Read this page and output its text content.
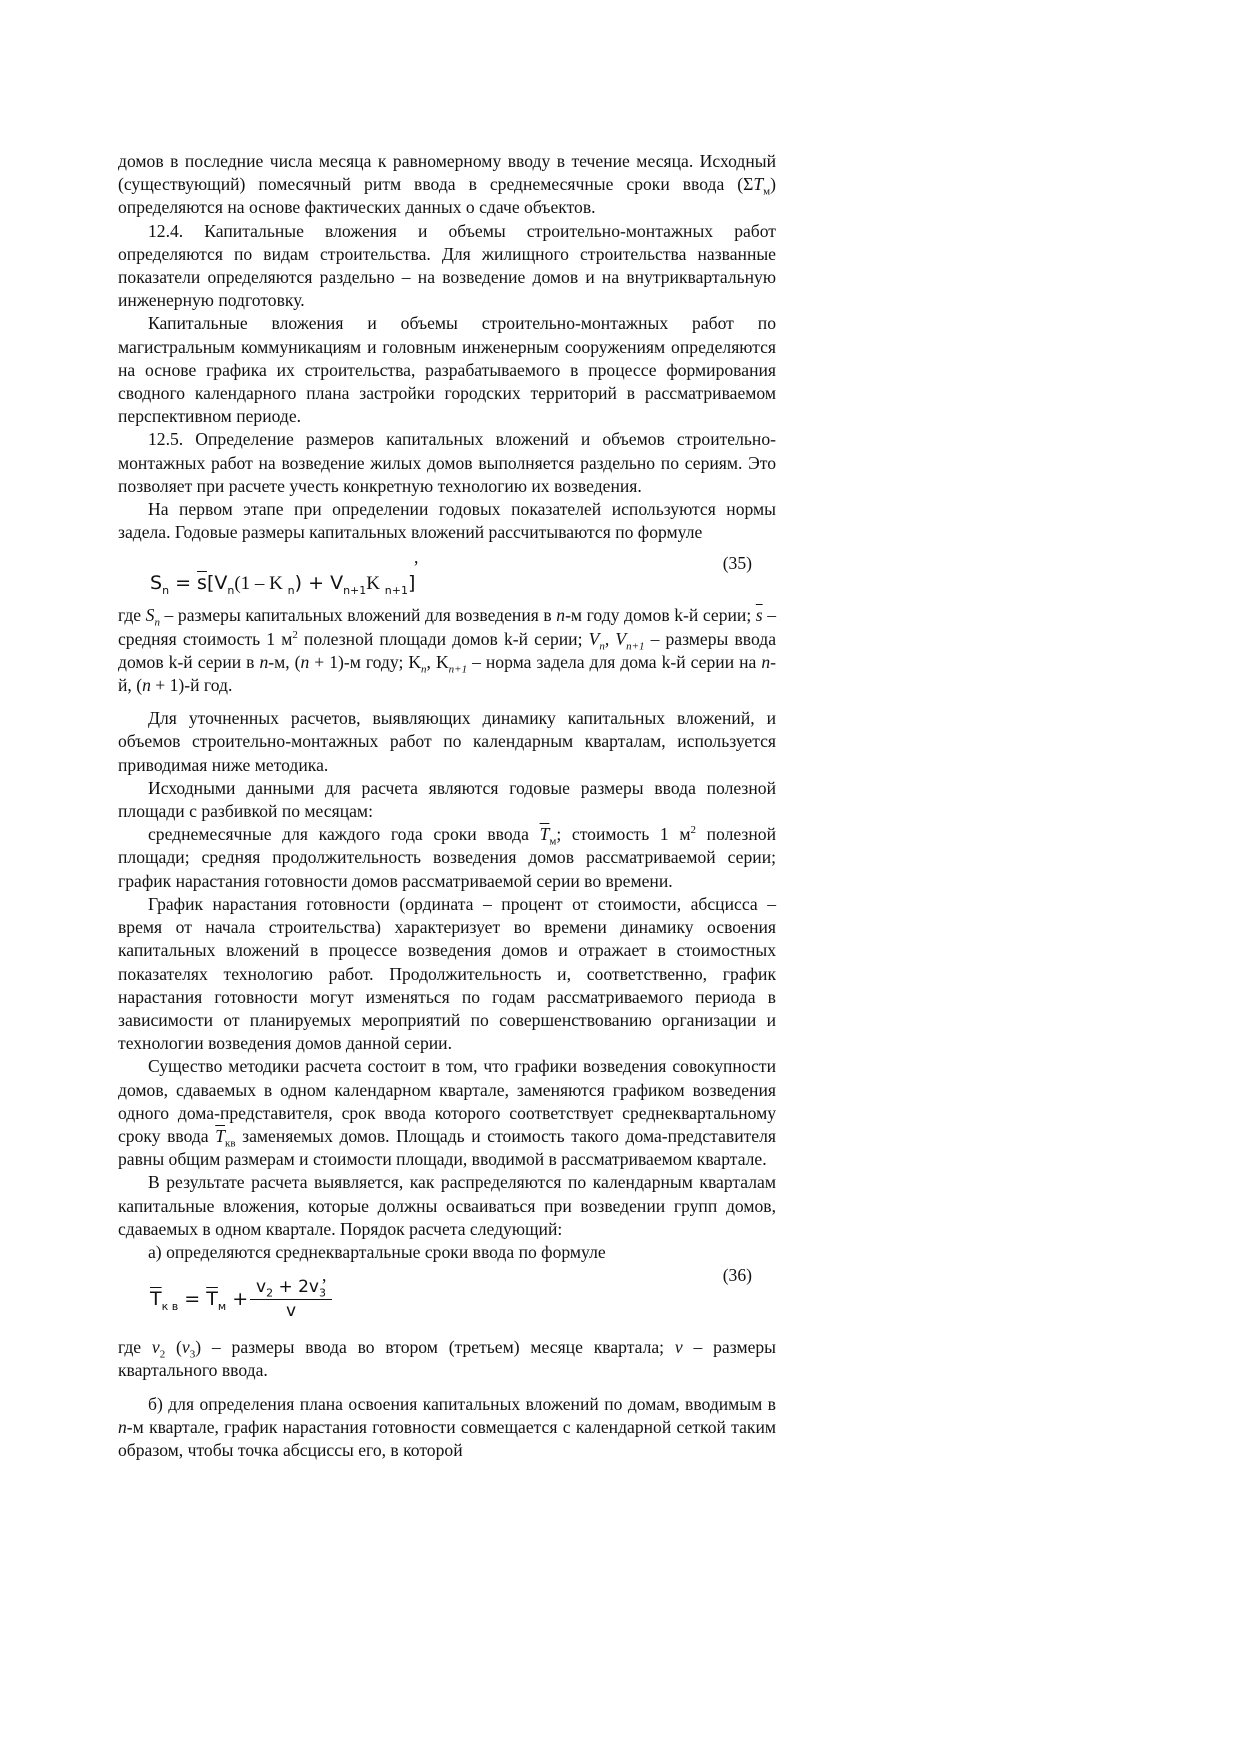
домов в последние числа месяца к равномерному вводу в течение месяца. Исходный (существующий) помесячный ритм ввода в среднемесячные сроки ввода $(\Sigma T_м)$ определяются на основе фактических данных о сдаче объектов.

12.4. Капитальные вложения и объемы строительно-монтажных работ определяются по видам строительства. Для жилищного строительства названные показатели определяются раздельно – на возведение домов и на внутриквартальную инженерную подготовку.

Капитальные вложения и объемы строительно-монтажных работ по магистральным коммуникациям и головным инженерным сооружениям определяются на основе графика их строительства, разрабатываемого в процессе формирования сводного календарного плана застройки городских территорий в рассматриваемом перспективном периоде.

12.5. Определение размеров капитальных вложений и объемов строительно-монтажных работ на возведение жилых домов выполняется раздельно по сериям. Это позволяет при расчете учесть конкретную технологию их возведения.

На первом этапе при определении годовых показателей используются нормы задела. Годовые размеры капитальных вложений рассчитываются по формуле

,	(35)
$S_n = \overline{s}[V_n(1 - K$ $_n) + V_{n+1}K$ $_{n+1}$]

где $S_n$ – размеры капитальных вложений для возведения в n-м году домов k-й серии; $\overline{s}$ – средняя стоимость 1 $м^2$ полезной площади домов k-й серии; $V_n$, $V_{n+1}$ – размеры ввода домов k-й серии в n-м, (n + 1)-м году; $K_n$, $K_{n+1}$ – норма задела для дома k-й серии на n-й, (n + 1)-й год.

Для уточненных расчетов, выявляющих динамику капитальных вложений, и объемов строительно-монтажных работ по календарным кварталам, используется приводимая ниже методика.

Исходными данными для расчета являются годовые размеры ввода полезной площади с разбивкой по месяцам:

среднемесячные для каждого года сроки ввода $\overline{T}_м$; стоимость 1 $м^2$ полезной площади; средняя продолжительность возведения домов рассматриваемой серии; график нарастания готовности домов рассматриваемой серии во времени.

График нарастания готовности (ордината – процент от стоимости, абсцисса – время от начала строительства) характеризует во времени динамику освоения капитальных вложений в процессе возведения домов и отражает в стоимостных показателях технологию работ. Продолжительность и, соответственно, график нарастания готовности могут изменяться по годам рассматриваемого периода в зависимости от планируемых мероприятий по совершенствованию организации и технологии возведения домов данной серии.

Существо методики расчета состоит в том, что графики возведения совокупности домов, сдаваемых в одном календарном квартале, заменяются графиком возведения одного дома-представителя, срок ввода которого соответствует среднеквартальному сроку ввода $\overline{T}_{кв}$ заменяемых домов. Площадь и стоимость такого дома-представителя равны общим размерам и стоимости площади, вводимой в рассматриваемом квартале.

В результате расчета выявляется, как распределяются по календарным кварталам капитальные вложения, которые должны осваиваться при возведении групп домов, сдаваемых в одном квартале. Порядок расчета следующий:

а) определяются среднеквартальные сроки ввода по формуле

,	(36)
$\overline{T}_{к в} = \overline{T}_м + \frac{v_2 + 2v_3}{v}$

где $v_2$ $(v_3)$ – размеры ввода во втором (третьем) месяце квартала; v – размеры квартального ввода.

б) для определения плана освоения капитальных вложений по домам, вводимым в n-м квартале, график нарастания готовности совмещается с календарной сеткой таким образом, чтобы точка абсциссы его, в которой
